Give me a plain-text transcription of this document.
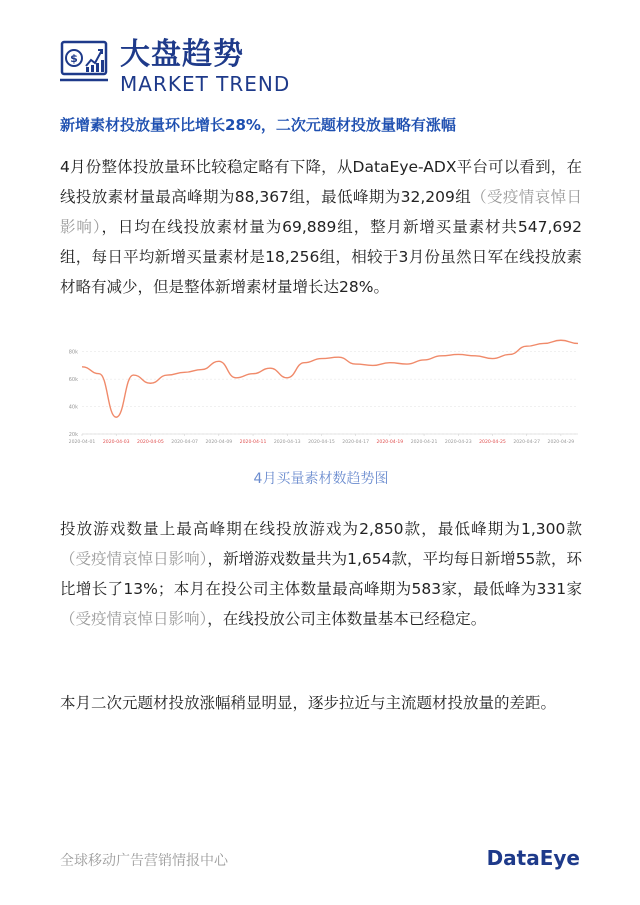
$ 大盘趋势
MARKET TREND
新增素材投放量环比增长28%，二次元题材投放量略有涨幅
4月份整体投放量环比较稳定略有下降，从DataEye-ADX平台可以看到，在线投放素材量最高峰期为88,367组，最低峰期为32,209组（受疫情哀悼日影响），日均在线投放素材量为69,889组，整月新增买量素材共547,692组，每日平均新增买量素材是18,256组，相较于3月份虽然日军在线投放素材略有减少，但是整体新增素材量增长达28%。
20k
40k
60k
80k
2020-04-01 2020-04-03 2020-04-05 2020-04-07 2020-04-09 2020-04-11 2020-04-13 2020-04-15 2020-04-17 2020-04-19 2020-04-21 2020-04-23 2020-04-25 2020-04-27 2020-04-29
4月买量素材数趋势图
投放游戏数量上最高峰期在线投放游戏为2,850款，最低峰期为1,300款（受疫情哀悼日影响），新增游戏数量共为1,654款，平均每日新增55款，环比增长了13%；本月在投公司主体数量最高峰期为583家，最低峰为331家（受疫情哀悼日影响），在线投放公司主体数量基本已经稳定。
本月二次元题材投放涨幅稍显明显，逐步拉近与主流题材投放量的差距。
全球移动广告营销情报中心	DataEye
